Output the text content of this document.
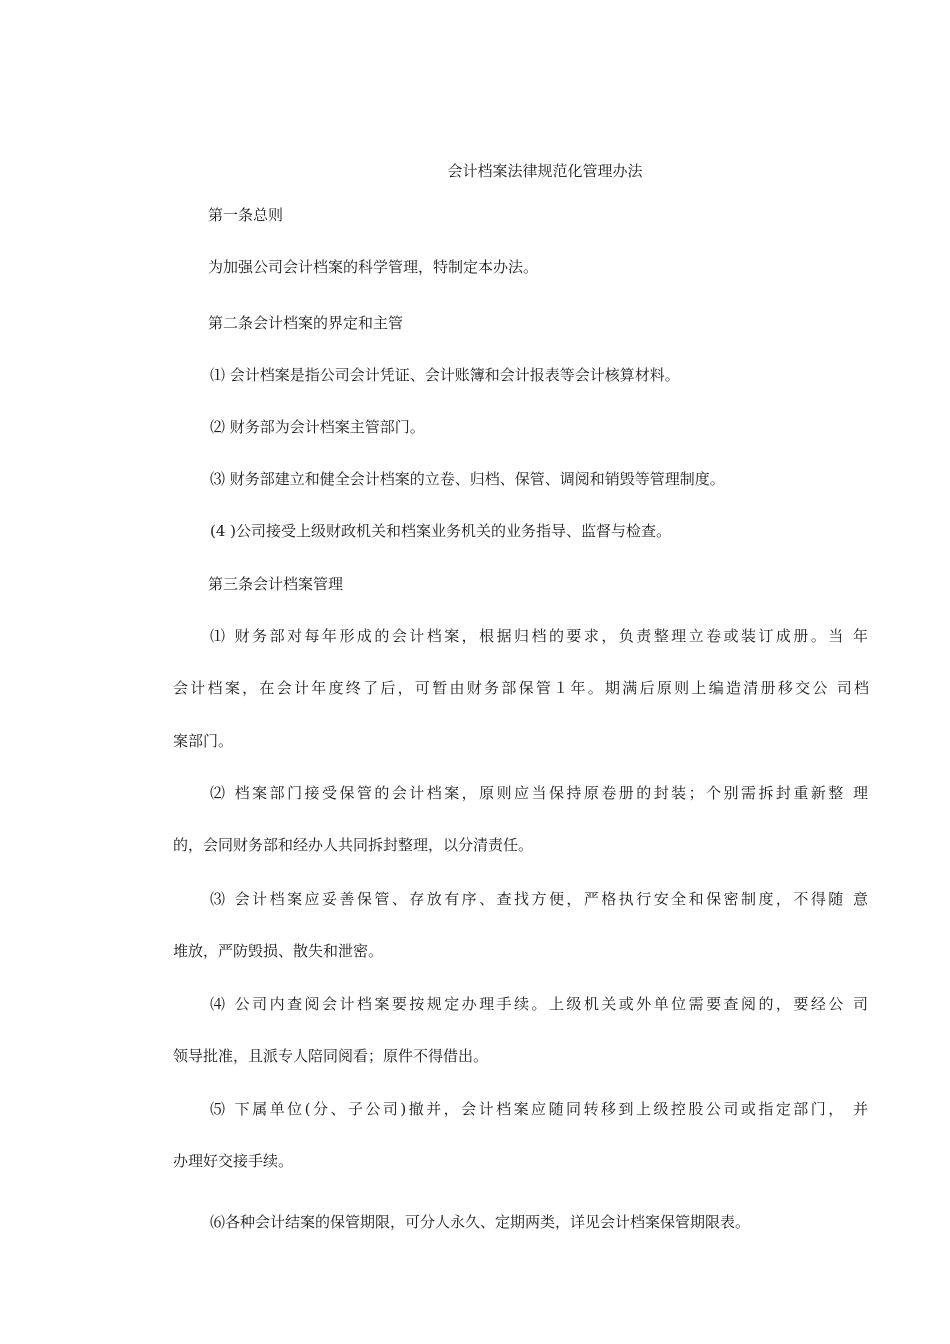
会计档案法律规范化管理办法
第一条总则
为加强公司会计档案的科学管理，特制定本办法。
第二条会计档案的界定和主管
⑴ 会计档案是指公司会计凭证、会计账簿和会计报表等会计核算材料。
⑵ 财务部为会计档案主管部门。
⑶ 财务部建立和健全会计档案的立卷、归档、保管、调阅和销毁等管理制度。
(4 )公司接受上级财政机关和档案业务机关的业务指导、监督与检查。
第三条会计档案管理
⑴ 财务部对每年形成的会计档案，根据归档的要求，负责整理立卷或装订成册。当 年
会计档案，在会计年度终了后，可暂由财务部保管１年。期满后原则上编造清册移交公 司档
案部门。
⑵ 档案部门接受保管的会计档案，原则应当保持原卷册的封装；个别需拆封重新整 理
的，会同财务部和经办人共同拆封整理，以分清责任。
⑶ 会计档案应妥善保管、存放有序、查找方便，严格执行安全和保密制度，不得随 意
堆放，严防毁损、散失和泄密。
⑷ 公司内查阅会计档案要按规定办理手续。上级机关或外单位需要查阅的，要经公 司
领导批准，且派专人陪同阅看；原件不得借出。
⑸ 下属单位(分、子公司)撤并，会计档案应随同转移到上级控股公司或指定部门， 并
办理好交接手续。
⑹各种会计结案的保管期限，可分人永久、定期两类，详见会计档案保管期限表。
